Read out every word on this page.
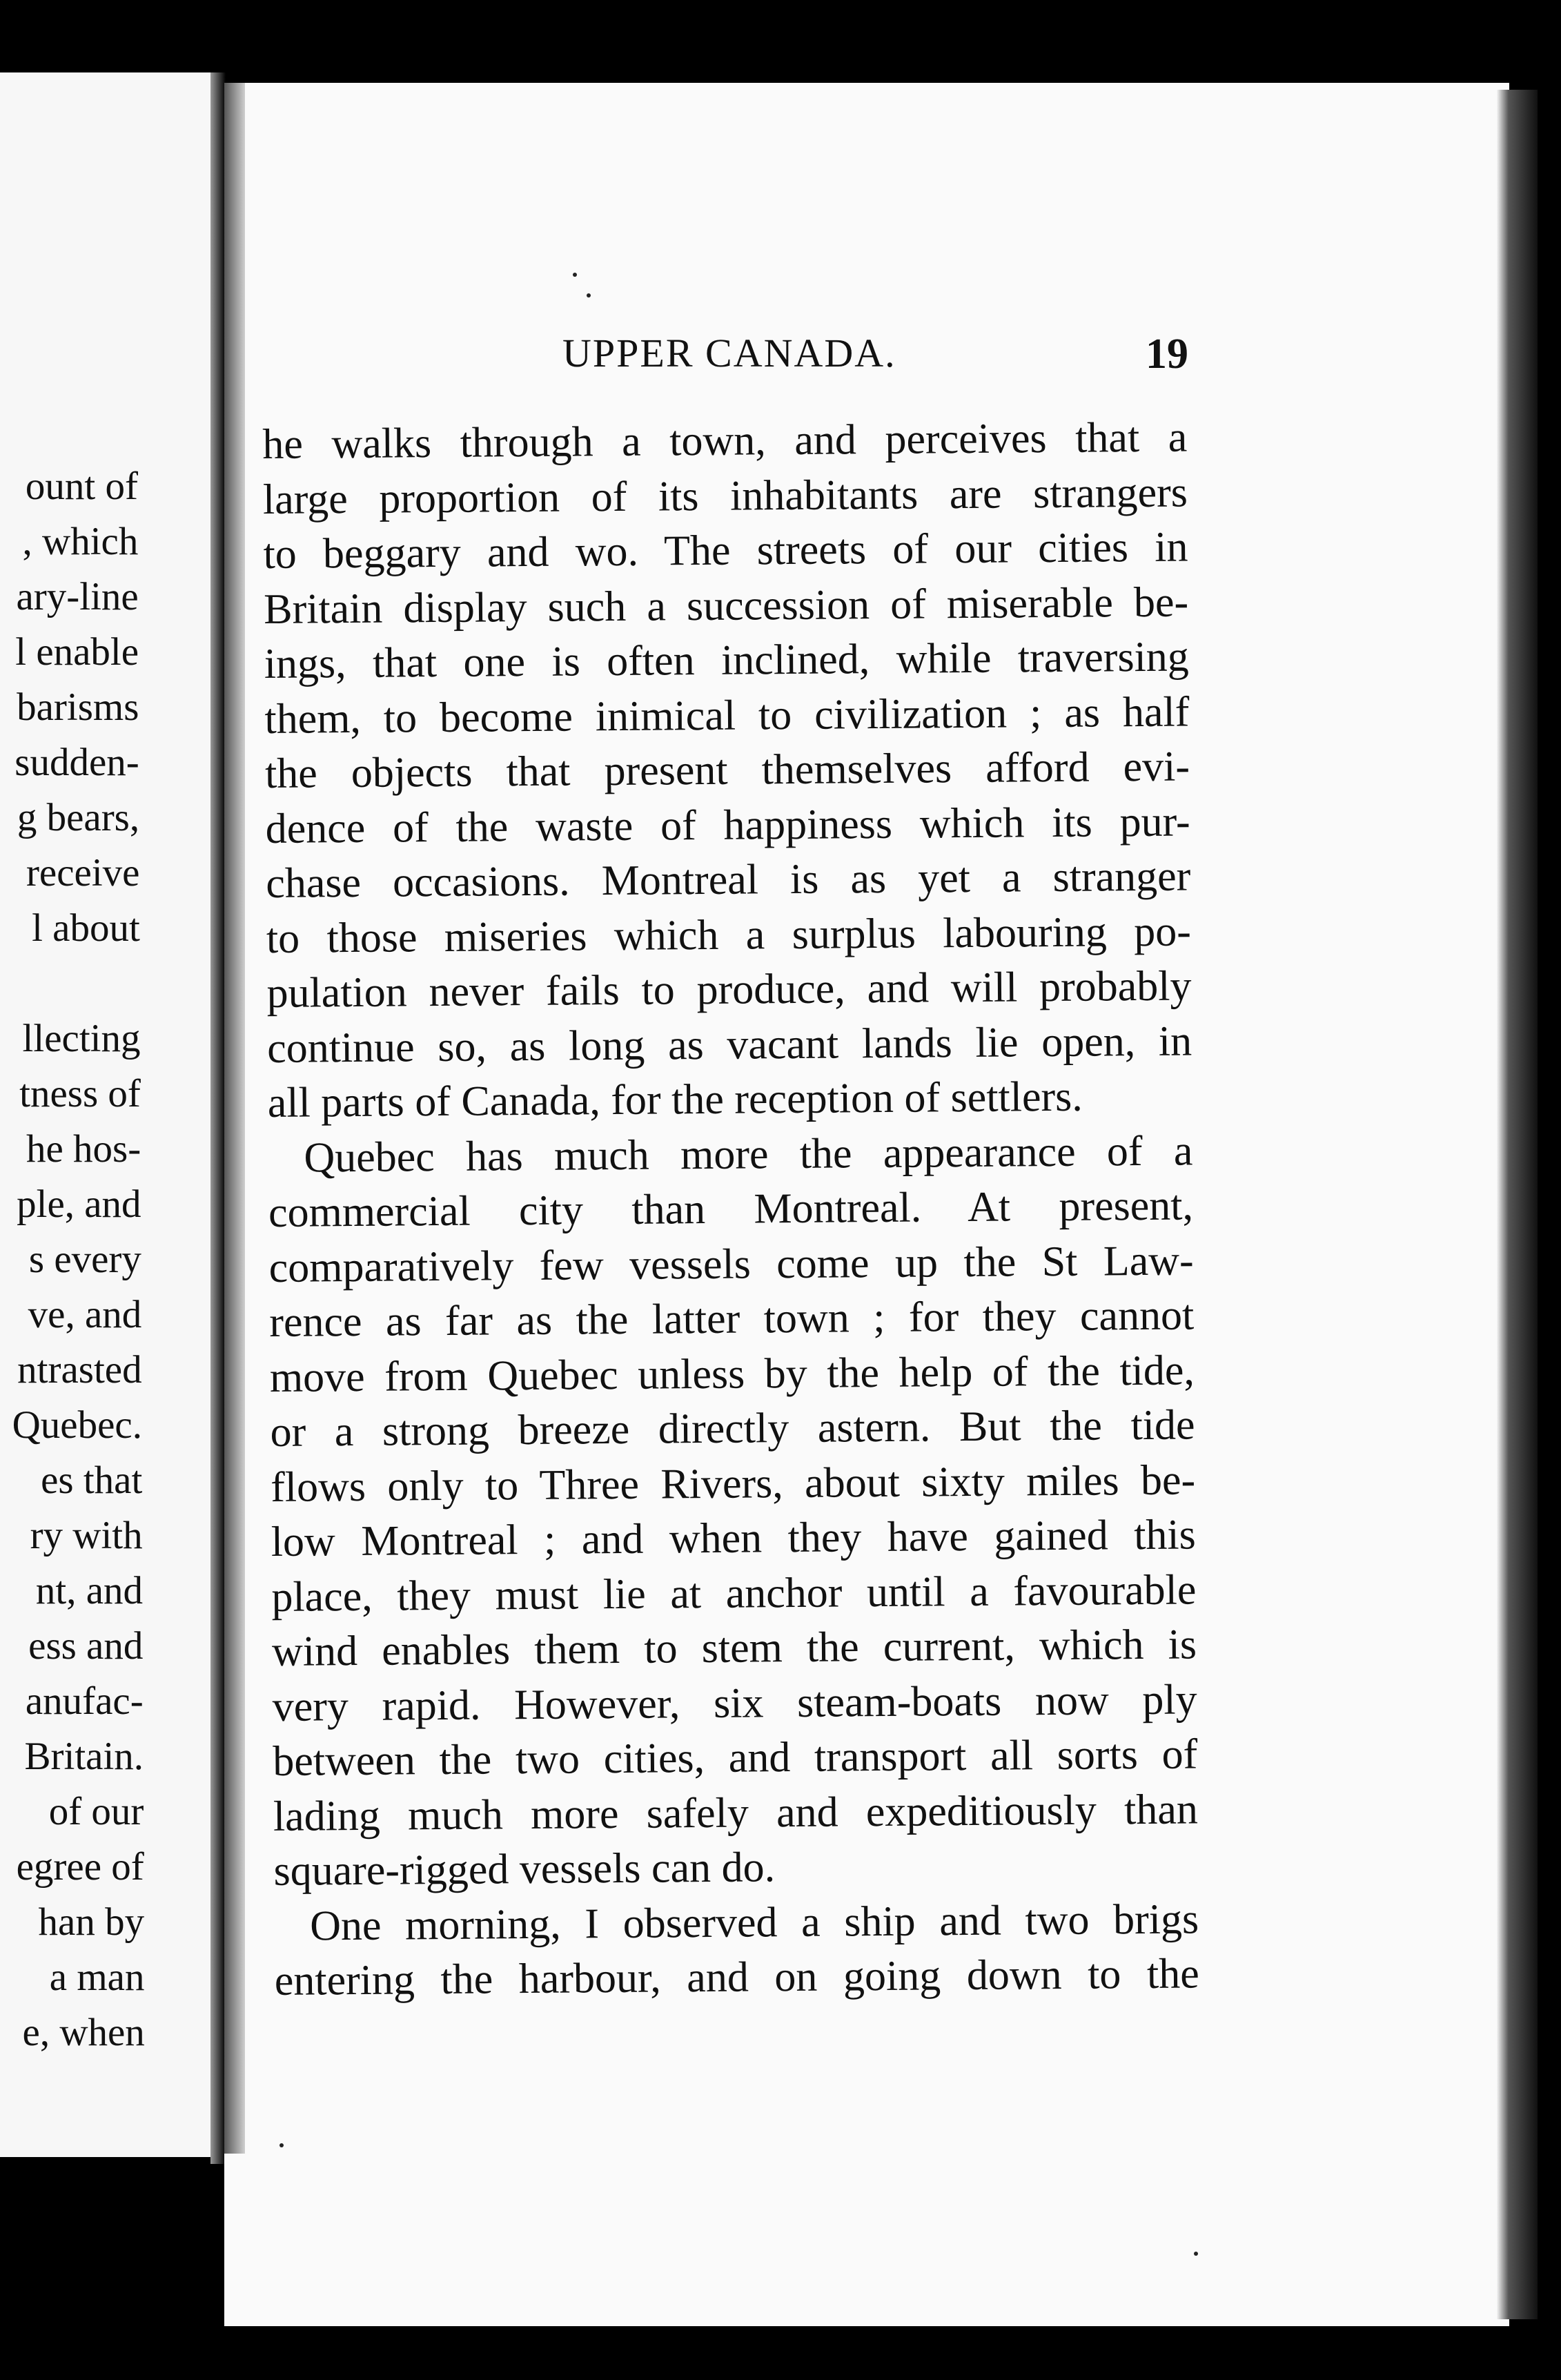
ount of
, which
ary-line
l enable
barisms
sudden-
g bears,
receive
l about
llecting
tness of
he hos-
ple, and
s every
ve, and
ntrasted
Quebec.
es that
ry with
nt, and
ess and
anufac-
Britain.
of our
egree of
han by
a man
e, when
UPPER CANADA.	19
he walks through a town, and perceives that a
large proportion of its inhabitants are strangers
to beggary and wo. The streets of our cities in
Britain display such a succession of miserable be-
ings, that one is often inclined, while traversing
them, to become inimical to civilization ; as half
the objects that present themselves afford evi-
dence of the waste of happiness which its pur-
chase occasions. Montreal is as yet a stranger
to those miseries which a surplus labouring po-
pulation never fails to produce, and will probably
continue so, as long as vacant lands lie open, in
all parts of Canada, for the reception of settlers.
Quebec has much more the appearance of a
commercial city than Montreal. At present,
comparatively few vessels come up the St Law-
rence as far as the latter town ; for they cannot
move from Quebec unless by the help of the tide,
or a strong breeze directly astern. But the tide
flows only to Three Rivers, about sixty miles be-
low Montreal ; and when they have gained this
place, they must lie at anchor until a favourable
wind enables them to stem the current, which is
very rapid. However, six steam-boats now ply
between the two cities, and transport all sorts of
lading much more safely and expeditiously than
square-rigged vessels can do.
One morning, I observed a ship and two brigs
entering the harbour, and on going down to the
